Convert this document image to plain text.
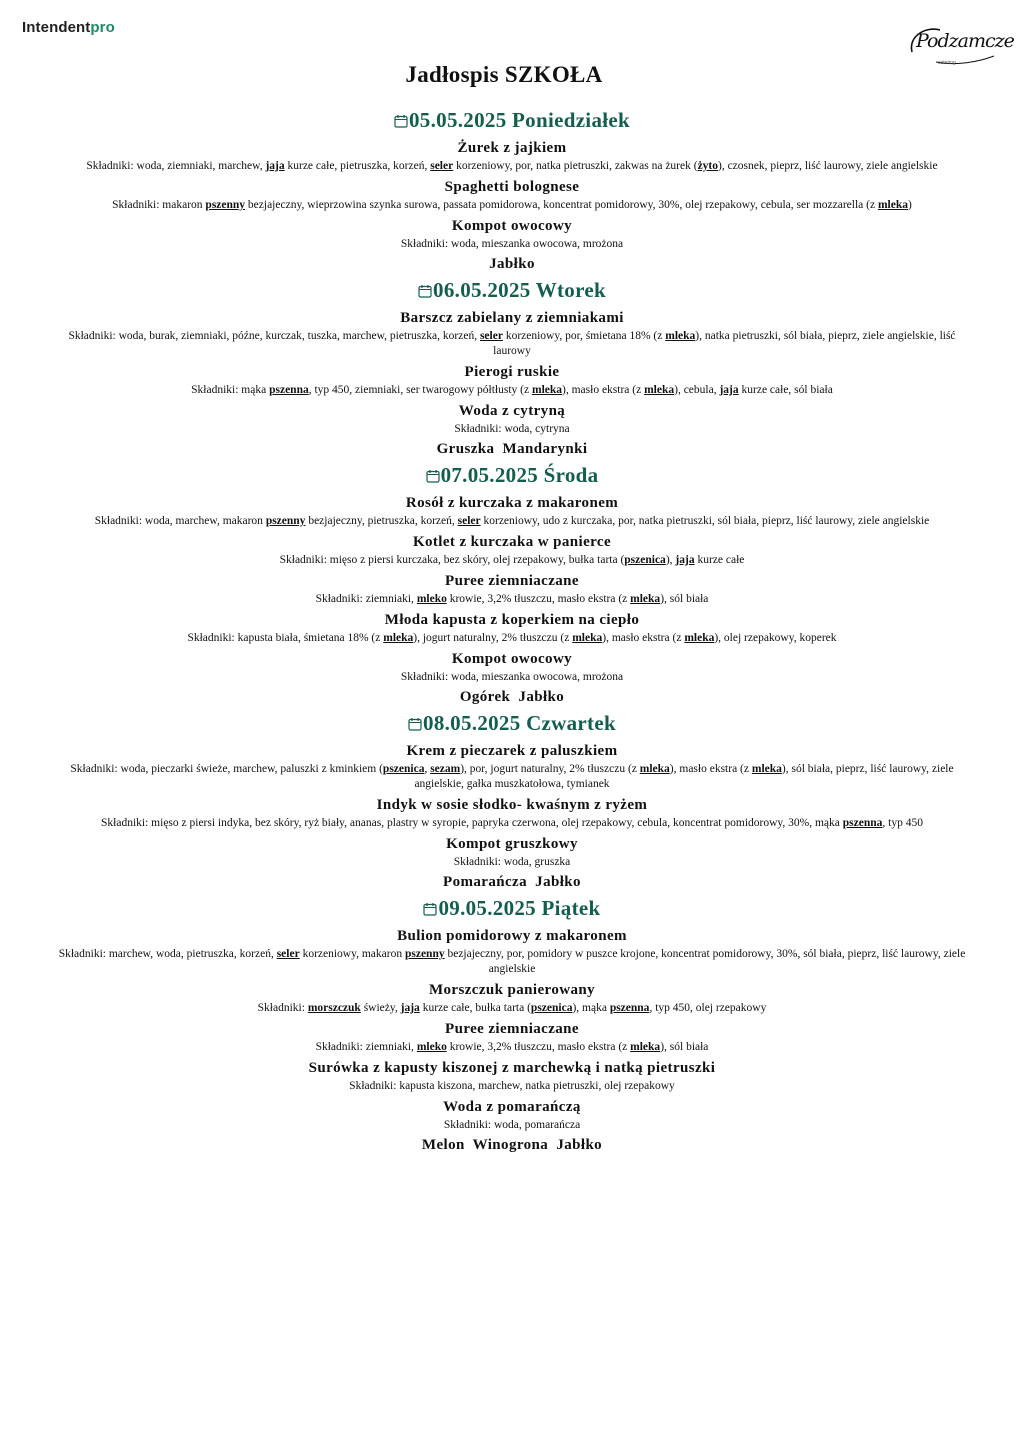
Intendentpro
Podzamcze
catering
Jadłospis SZKOŁA
05.05.2025 Poniedziałek
Żurek z jajkiem
Składniki: woda, ziemniaki, marchew, jaja kurze całe, pietruszka, korzeń, seler korzeniowy, por, natka pietruszki, zakwas na żurek (żyto), czosnek, pieprz, liść laurowy, ziele angielskie
Spaghetti bolognese
Składniki: makaron pszenny bezjajeczny, wieprzowina szynka surowa, passata pomidorowa, koncentrat pomidorowy, 30%, olej rzepakowy, cebula, ser mozzarella (z mleka)
Kompot owocowy
Składniki: woda, mieszanka owocowa, mrożona
Jabłko
06.05.2025 Wtorek
Barszcz zabielany z ziemniakami
Składniki: woda, burak, ziemniaki, późne, kurczak, tuszka, marchew, pietruszka, korzeń, seler korzeniowy, por, śmietana 18% (z mleka), natka pietruszki, sól biała, pieprz, ziele angielskie, liść laurowy
Pierogi ruskie
Składniki: mąka pszenna, typ 450, ziemniaki, ser twarogowy półtłusty (z mleka), masło ekstra (z mleka), cebula, jaja kurze całe, sól biała
Woda z cytryną
Składniki: woda, cytryna
Gruszka Mandarynki
07.05.2025 Środa
Rosół z kurczaka z makaronem
Składniki: woda, marchew, makaron pszenny bezjajeczny, pietruszka, korzeń, seler korzeniowy, udo z kurczaka, por, natka pietruszki, sól biała, pieprz, liść laurowy, ziele angielskie
Kotlet z kurczaka w panierce
Składniki: mięso z piersi kurczaka, bez skóry, olej rzepakowy, bułka tarta (pszenica), jaja kurze całe
Puree ziemniaczane
Składniki: ziemniaki, mleko krowie, 3,2% tłuszczu, masło ekstra (z mleka), sól biała
Młoda kapusta z koperkiem na ciepło
Składniki: kapusta biała, śmietana 18% (z mleka), jogurt naturalny, 2% tłuszczu (z mleka), masło ekstra (z mleka), olej rzepakowy, koperek
Kompot owocowy
Składniki: woda, mieszanka owocowa, mrożona
Ogórek Jabłko
08.05.2025 Czwartek
Krem z pieczarek z paluszkiem
Składniki: woda, pieczarki świeże, marchew, paluszki z kminkiem (pszenica, sezam), por, jogurt naturalny, 2% tłuszczu (z mleka), masło ekstra (z mleka), sól biała, pieprz, liść laurowy, ziele angielskie, gałka muszkatołowa, tymianek
Indyk w sosie słodko- kwaśnym z ryżem
Składniki: mięso z piersi indyka, bez skóry, ryż biały, ananas, plastry w syropie, papryka czerwona, olej rzepakowy, cebula, koncentrat pomidorowy, 30%, mąka pszenna, typ 450
Kompot gruszkowy
Składniki: woda, gruszka
Pomarańcza Jabłko
09.05.2025 Piątek
Bulion pomidorowy z makaronem
Składniki: marchew, woda, pietruszka, korzeń, seler korzeniowy, makaron pszenny bezjajeczny, por, pomidory w puszce krojone, koncentrat pomidorowy, 30%, sól biała, pieprz, liść laurowy, ziele angielskie
Morszczuk panierowany
Składniki: morszczuk świeży, jaja kurze całe, bułka tarta (pszenica), mąka pszenna, typ 450, olej rzepakowy
Puree ziemniaczane
Składniki: ziemniaki, mleko krowie, 3,2% tłuszczu, masło ekstra (z mleka), sól biała
Surówka z kapusty kiszonej z marchewką i natką pietruszki
Składniki: kapusta kiszona, marchew, natka pietruszki, olej rzepakowy
Woda z pomarańczą
Składniki: woda, pomarańcza
Melon Winogrona Jabłko
